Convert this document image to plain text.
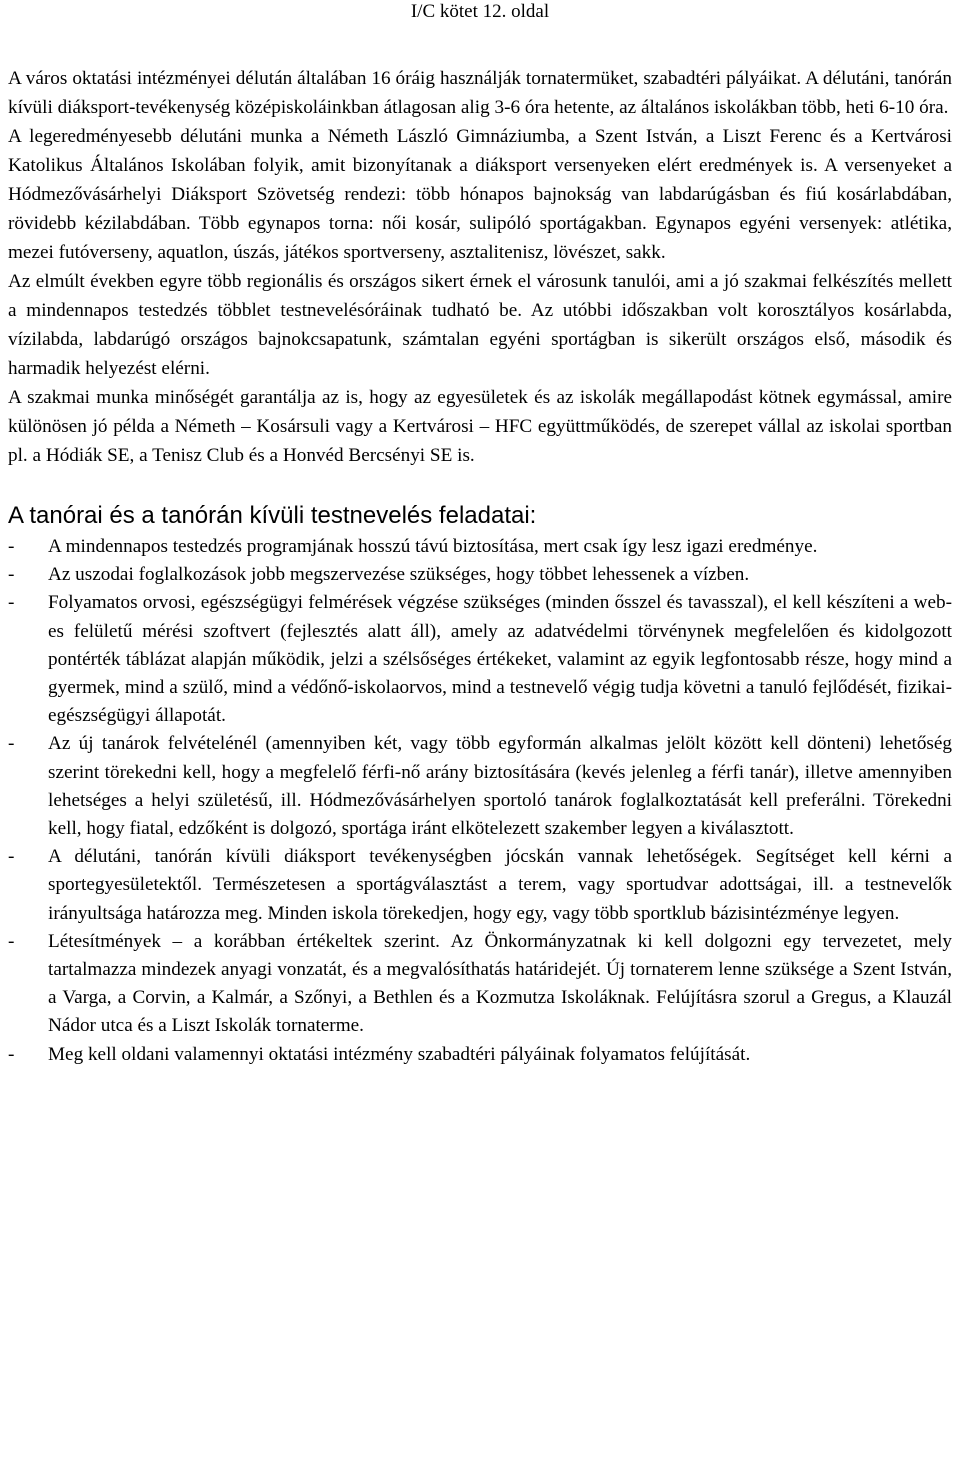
I/C kötet 12. oldal

A város oktatási intézményei délután általában 16 óráig használják tornatermüket, szabadtéri pályáikat. A délutáni, tanórán kívüli diáksport-tevékenység középiskoláinkban átlagosan alig 3-6 óra hetente, az általános iskolákban több, heti 6-10 óra.

A legeredményesebb délutáni munka a Németh László Gimnáziumba, a Szent István, a Liszt Ferenc és a Kertvárosi Katolikus Általános Iskolában folyik, amit bizonyítanak a diáksport versenyeken elért eredmények is. A versenyeket a Hódmezővásárhelyi Diáksport Szövetség rendezi: több hónapos bajnokság van labdarúgásban és fiú kosárlabdában, rövidebb kézilabdában. Több egynapos torna: női kosár, sulipóló sportágakban. Egynapos egyéni versenyek: atlétika, mezei futóverseny, aquatlon, úszás, játékos sportverseny, asztalitenisz, lövészet, sakk.

Az elmúlt években egyre több regionális és országos sikert érnek el városunk tanulói, ami a jó szakmai felkészítés mellett a mindennapos testedzés többlet testnevelésóráinak tudható be. Az utóbbi időszakban volt korosztályos kosárlabda, vízilabda, labdarúgó országos bajnokcsapatunk, számtalan egyéni sportágban is sikerült országos első, második és harmadik helyezést elérni.

A szakmai munka minőségét garantálja az is, hogy az egyesületek és az iskolák megállapodást kötnek egymással, amire különösen jó példa a Németh – Kosársuli vagy a Kertvárosi – HFC együttműködés, de szerepet vállal az iskolai sportban pl. a Hódiák SE, a Tenisz Club és a Honvéd Bercsényi SE is.

A tanórai és a tanórán kívüli testnevelés feladatai:
- A mindennapos testedzés programjának hosszú távú biztosítása, mert csak így lesz igazi eredménye.
- Az uszodai foglalkozások jobb megszervezése szükséges, hogy többet lehessenek a vízben.
- Folyamatos orvosi, egészségügyi felmérések végzése szükséges (minden ősszel és tavasszal), el kell készíteni a web-es felületű mérési szoftvert (fejlesztés alatt áll), amely az adatvédelmi törvénynek megfelelően és kidolgozott pontérték táblázat alapján működik, jelzi a szélsőséges értékeket, valamint az egyik legfontosabb része, hogy mind a gyermek, mind a szülő, mind a védőnő-iskolaorvos, mind a testnevelő végig tudja követni a tanuló fejlődését, fizikai-egészségügyi állapotát.
- Az új tanárok felvételénél (amennyiben két, vagy több egyformán alkalmas jelölt között kell dönteni) lehetőség szerint törekedni kell, hogy a megfelelő férfi-nő arány biztosítására (kevés jelenleg a férfi tanár), illetve amennyiben lehetséges a helyi születésű, ill. Hódmezővásárhelyen sportoló tanárok foglalkoztatását kell preferálni. Törekedni kell, hogy fiatal, edzőként is dolgozó, sportága iránt elkötelezett szakember legyen a kiválasztott.
- A délutáni, tanórán kívüli diáksport tevékenységben jócskán vannak lehetőségek. Segítséget kell kérni a sportegyesületektől. Természetesen a sportágválasztást a terem, vagy sportudvar adottságai, ill. a testnevelők irányultsága határozza meg. Minden iskola törekedjen, hogy egy, vagy több sportklub bázisintézménye legyen.
- Létesítmények – a korábban értékeltek szerint. Az Önkormányzatnak ki kell dolgozni egy tervezetet, mely tartalmazza mindezek anyagi vonzatát, és a megvalósíthatás határidejét. Új tornaterem lenne szüksége a Szent István, a Varga, a Corvin, a Kalmár, a Szőnyi, a Bethlen és a Kozmutza Iskoláknak. Felújításra szorul a Gregus, a Klauzál Nádor utca és a Liszt Iskolák tornaterme.
- Meg kell oldani valamennyi oktatási intézmény szabadtéri pályáinak folyamatos felújítását.
